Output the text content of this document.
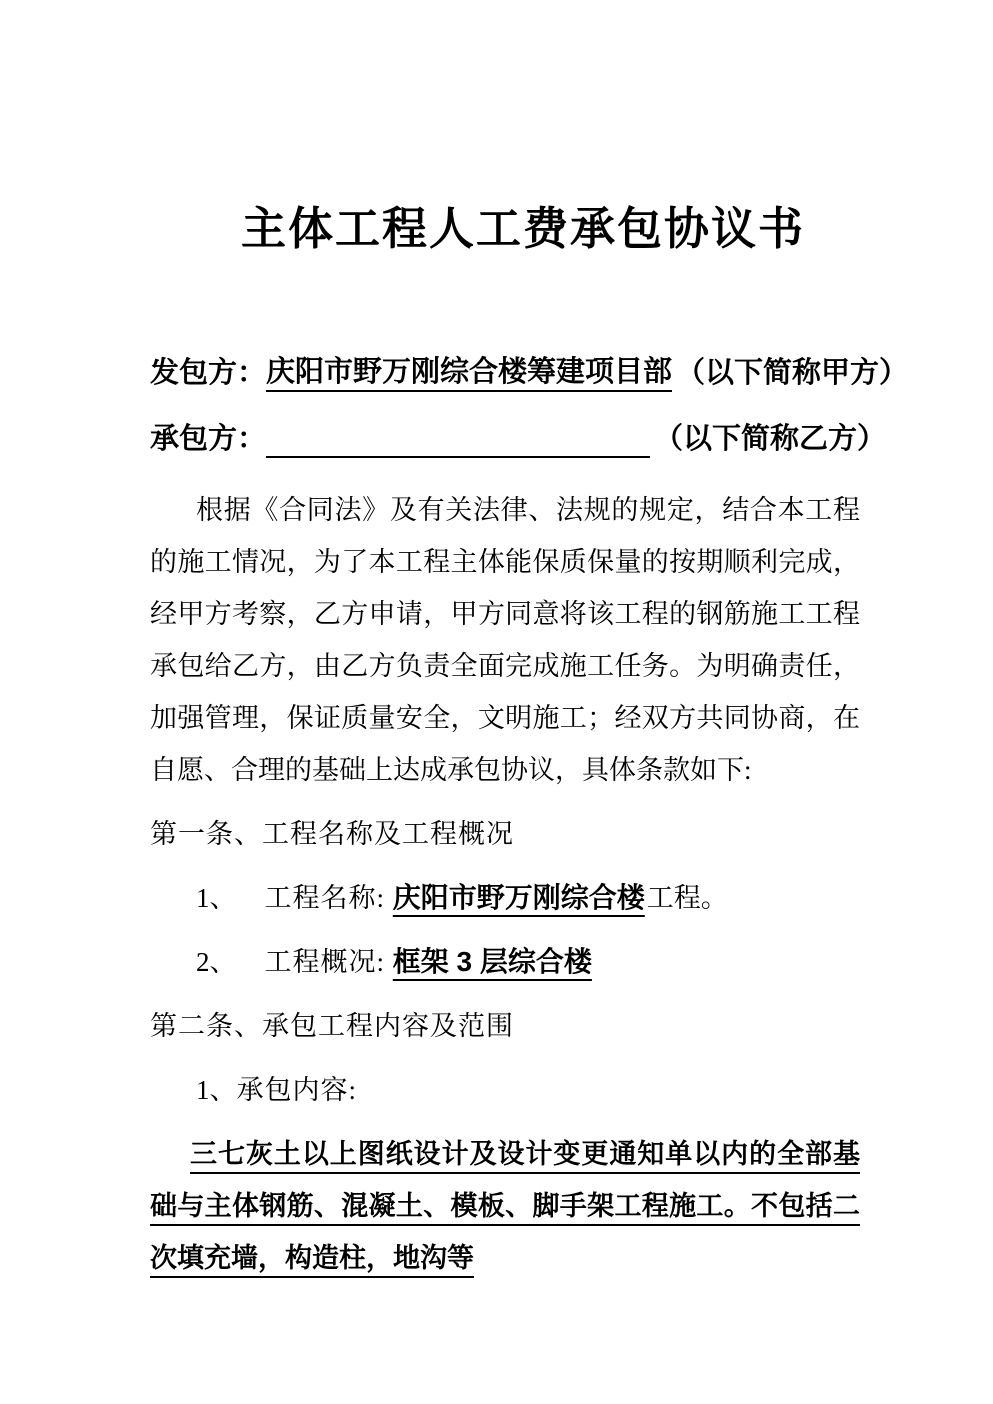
主体工程人工费承包协议书
发包方：庆阳市野万刚综合楼筹建项目部 （以下简称甲方）
承包方：	（以下简称乙方）

根据《合同法》及有关法律、法规的规定，结合本工程的施工情况，为了本工程主体能保质保量的按期顺利完成，经甲方考察，乙方申请，甲方同意将该工程的钢筋施工工程承包给乙方，由乙方负责全面完成施工任务。为明确责任，加强管理，保证质量安全，文明施工；经双方共同协商，在自愿、合理的基础上达成承包协议，具体条款如下:

第一条、工程名称及工程概况

1、 工程名称: 庆阳市野万刚综合楼工程。

2、 工程概况: 框架 3 层综合楼

第二条、承包工程内容及范围

1、承包内容:

三七灰土以上图纸设计及设计变更通知单以内的全部基础与主体钢筋、混凝土、模板、脚手架工程施工。不包括二次填充墙，构造柱，地沟等
